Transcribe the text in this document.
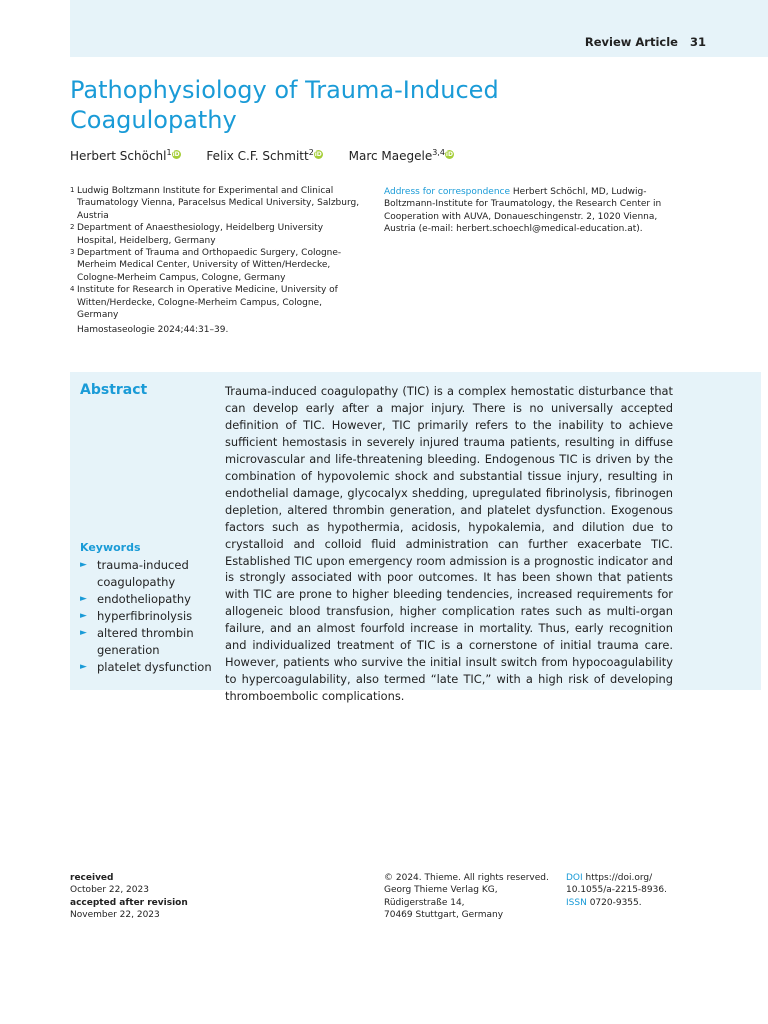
Review Article 31
Pathophysiology of Trauma-Induced Coagulopathy
Herbert Schöchl$^1$iD Felix C.F. Schmitt$^2$iD Marc Maegele$^{3,4}$iD
1 Ludwig Boltzmann Institute for Experimental and Clinical Traumatology Vienna, Paracelsus Medical University, Salzburg, Austria
2 Department of Anaesthesiology, Heidelberg University Hospital, Heidelberg, Germany
3 Department of Trauma and Orthopaedic Surgery, Cologne-Merheim Medical Center, University of Witten/Herdecke, Cologne-Merheim Campus, Cologne, Germany
4 Institute for Research in Operative Medicine, University of Witten/Herdecke, Cologne-Merheim Campus, Cologne, Germany
Hamostaseologie 2024;44:31–39.
Address for correspondence Herbert Schöchl, MD, Ludwig-Boltzmann-Institute for Traumatology, the Research Center in Cooperation with AUVA, Donaueschingenstr. 2, 1020 Vienna, Austria (e-mail: herbert.schoechl@medical-education.at).
Abstract	Trauma-induced coagulopathy (TIC) is a complex hemostatic disturbance that can develop early after a major injury. There is no universally accepted definition of TIC. However, TIC primarily refers to the inability to achieve sufficient hemostasis in severely injured trauma patients, resulting in diffuse microvascular and life-threatening bleeding. Endogenous TIC is driven by the combination of hypovolemic shock and substantial tissue injury, resulting in endothelial damage, glycocalyx shedding, upregulated fibrinolysis, fibrinogen depletion, altered thrombin generation, and platelet dysfunction. Exogenous factors such as hypothermia, acidosis, hypokalemia, and dilution due to crystalloid and colloid fluid administration can further exacerbate TIC. Established TIC upon emergency room admission is a prognostic indicator and is strongly associated with poor outcomes. It has been shown that patients with TIC are prone to higher bleeding tendencies, increased requirements for allogeneic blood transfusion, higher complication rates such as multi-organ failure, and an almost fourfold increase in mortality. Thus, early recognition and individualized treatment of TIC is a cornerstone of initial trauma care. However, patients who survive the initial insult switch from hypocoagulability to hypercoagulability, also termed “late TIC,” with a high risk of developing thromboembolic complications.

Keywords
► trauma-induced coagulopathy
► endotheliopathy
► hyperfibrinolysis
► altered thrombin generation
► platelet dysfunction
received
October 22, 2023
accepted after revision
November 22, 2023
© 2024. Thieme. All rights reserved.
Georg Thieme Verlag KG,
Rüdigerstraße 14,
70469 Stuttgart, Germany
DOI https://doi.org/
10.1055/a-2215-8936.
ISSN 0720-9355.
